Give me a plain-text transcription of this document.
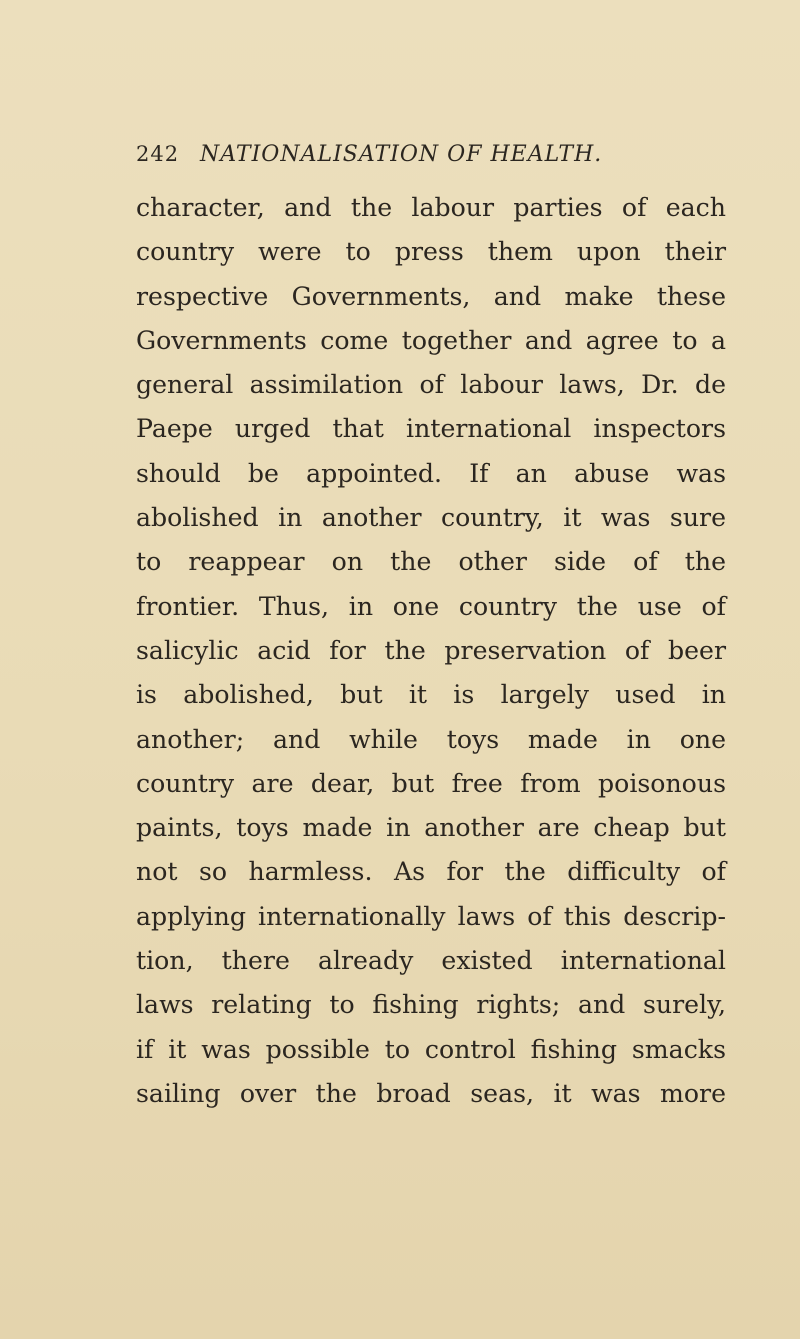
242 NATIONALISATION OF HEALTH.
character, and the labour parties of each
country were to press them upon their
respective Governments, and make these
Governments come together and agree to a
general assimilation of labour laws, Dr. de
Paepe urged that international inspectors
should be appointed. If an abuse was
abolished in another country, it was sure
to reappear on the other side of the
frontier. Thus, in one country the use of
salicylic acid for the preservation of beer
is abolished, but it is largely used in
another; and while toys made in one
country are dear, but free from poisonous
paints, toys made in another are cheap but
not so harmless. As for the difficulty of
applying internationally laws of this descrip-
tion, there already existed international
laws relating to fishing rights; and surely,
if it was possible to control fishing smacks
sailing over the broad seas, it was more
